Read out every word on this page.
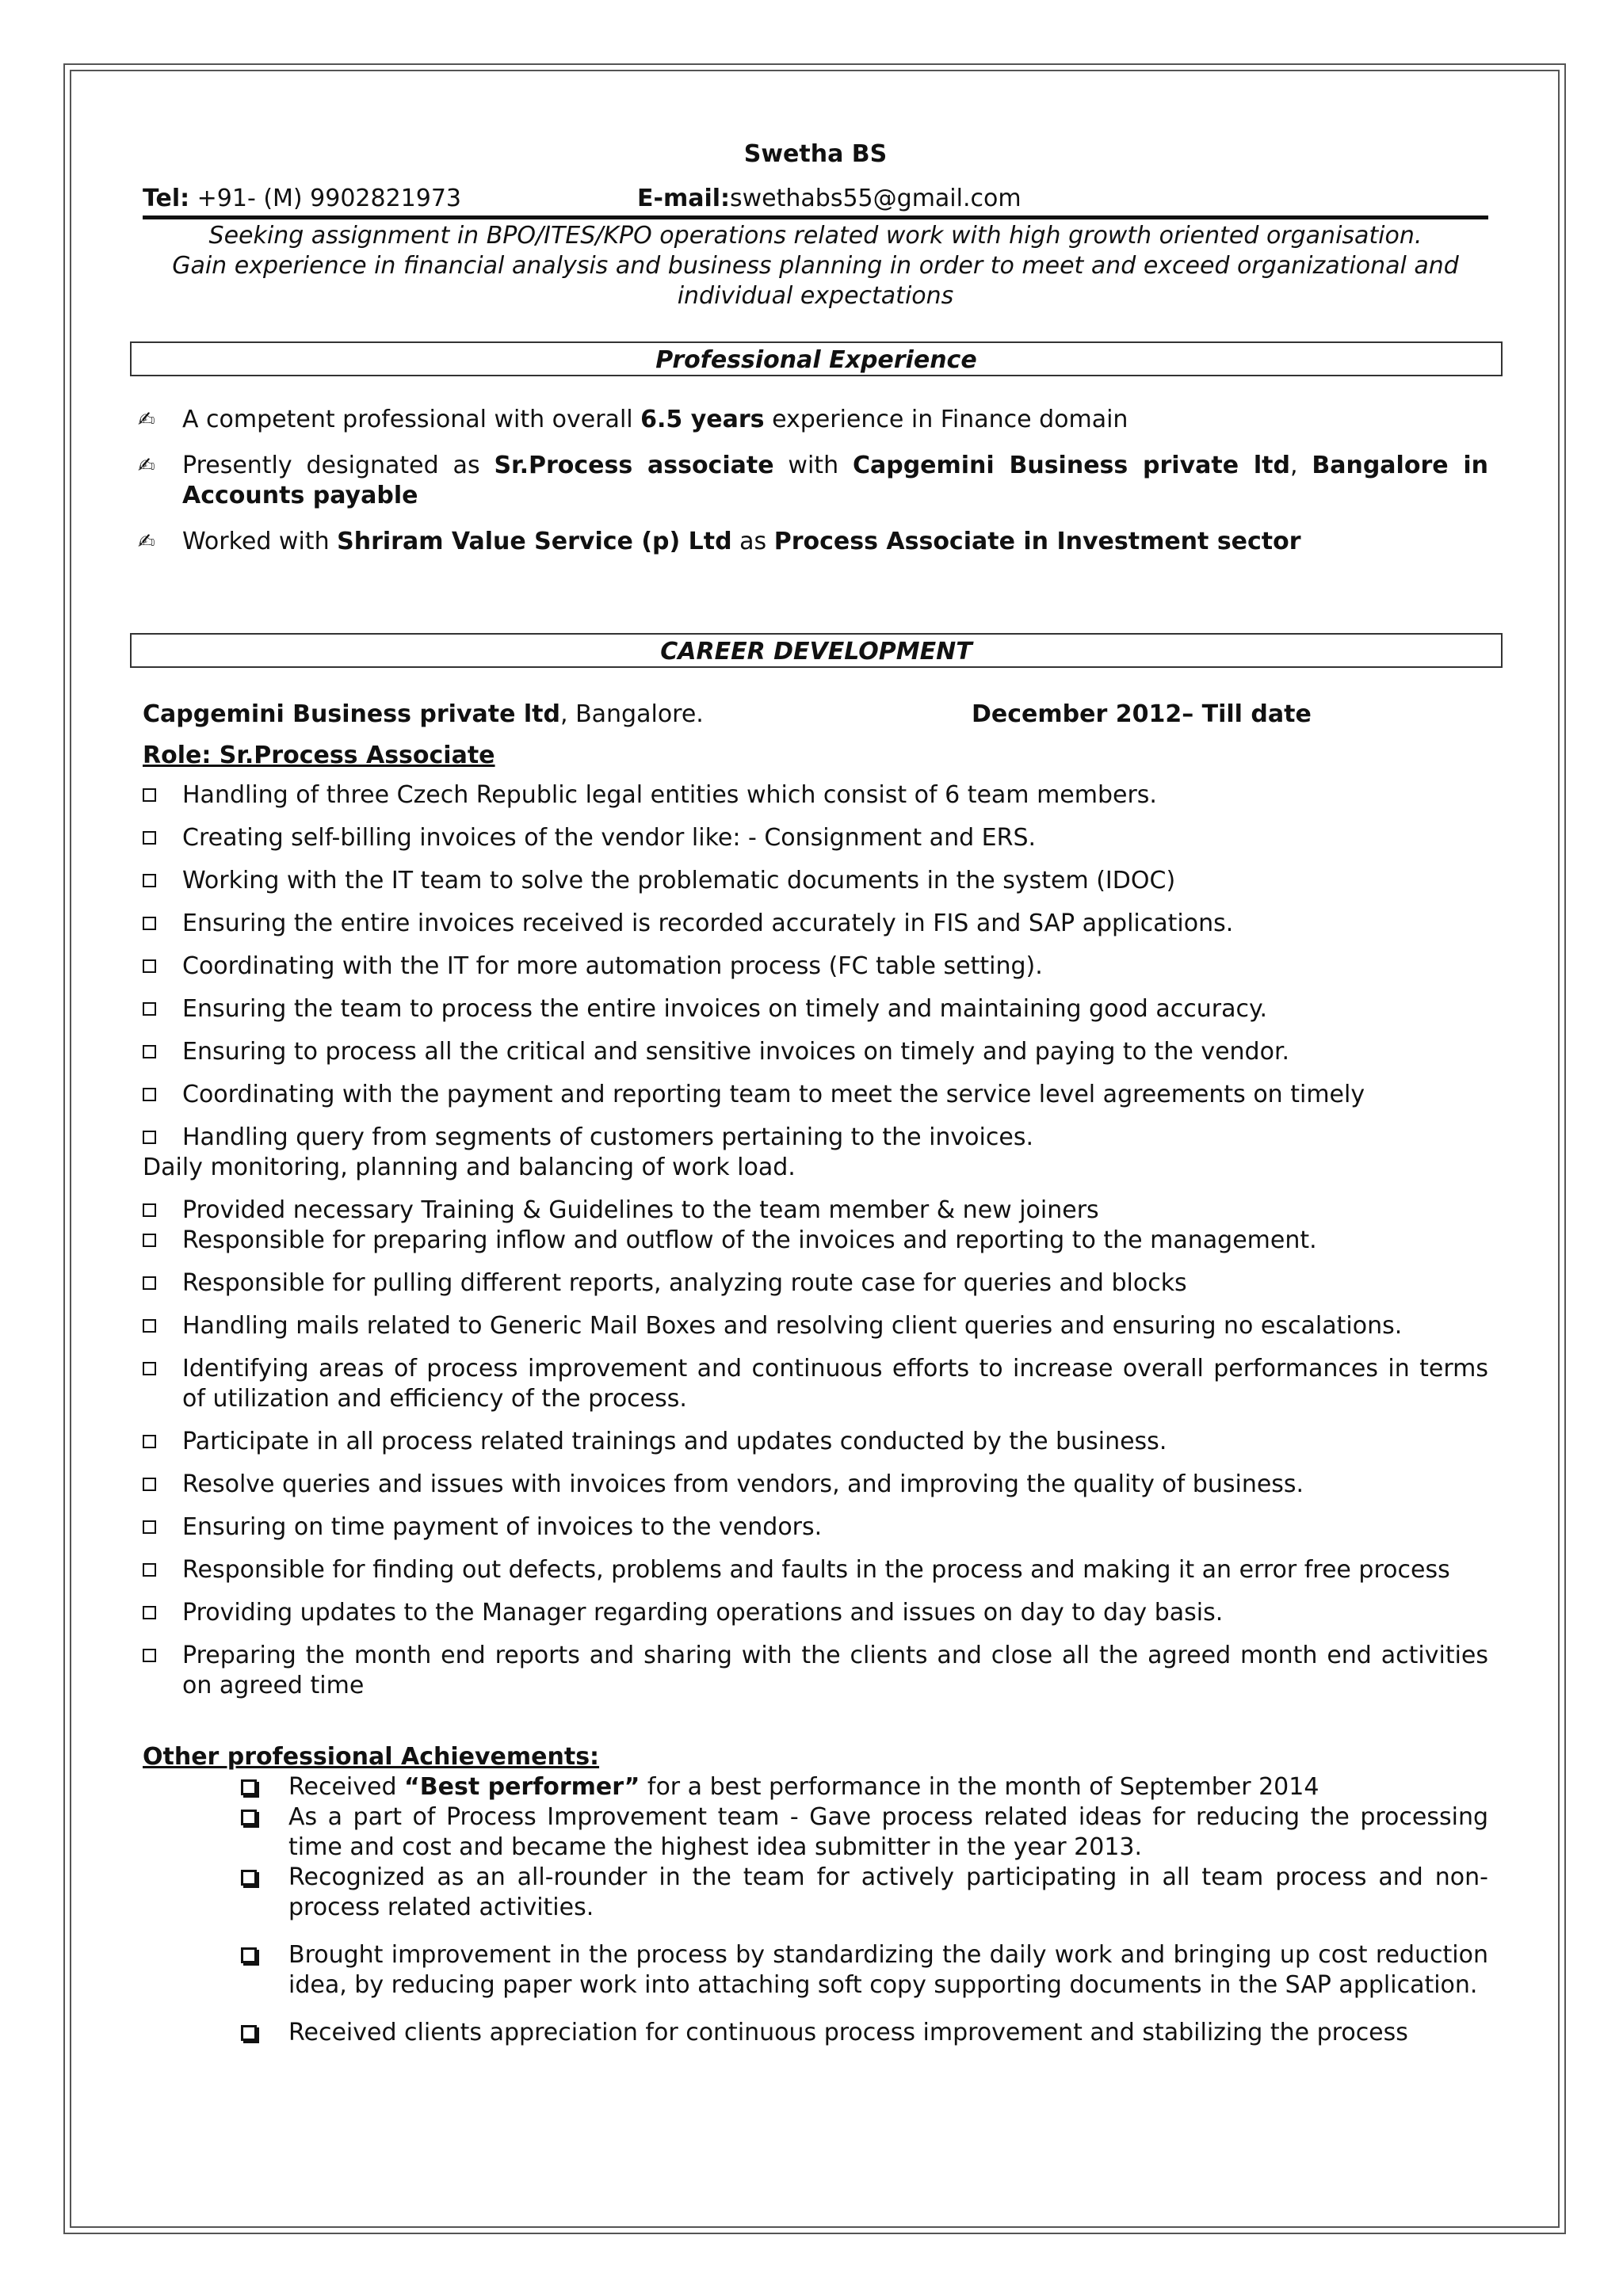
Swetha BS
Tel: +91- (M) 9902821973	E-mail:swethabs55@gmail.com
Seeking assignment in BPO/ITES/KPO operations related work with high growth oriented organisation.
Gain experience in financial analysis and business planning in order to meet and exceed organizational and
individual expectations
Professional Experience
✍ A competent professional with overall 6.5 years experience in Finance domain
✍ Presently designated as Sr.Process associate with Capgemini Business private ltd, Bangalore in Accounts payable
✍ Worked with Shriram Value Service (p) Ltd as Process Associate in Investment sector
CAREER DEVELOPMENT
Capgemini Business private ltd, Bangalore.	December 2012– Till date
Role: Sr.Process Associate
Handling of three Czech Republic legal entities which consist of 6 team members.
Creating self-billing invoices of the vendor like: - Consignment and ERS.
Working with the IT team to solve the problematic documents in the system (IDOC)
Ensuring the entire invoices received is recorded accurately in FIS and SAP applications.
Coordinating with the IT for more automation process (FC table setting).
Ensuring the team to process the entire invoices on timely and maintaining good accuracy.
Ensuring to process all the critical and sensitive invoices on timely and paying to the vendor.
Coordinating with the payment and reporting team to meet the service level agreements on timely
Handling query from segments of customers pertaining to the invoices.
Daily monitoring, planning and balancing of work load.
Provided necessary Training & Guidelines to the team member & new joiners
Responsible for preparing inflow and outflow of the invoices and reporting to the management.
Responsible for pulling different reports, analyzing route case for queries and blocks
Handling mails related to Generic Mail Boxes and resolving client queries and ensuring no escalations.
Identifying areas of process improvement and continuous efforts to increase overall performances in terms of utilization and efficiency of the process.
Participate in all process related trainings and updates conducted by the business.
Resolve queries and issues with invoices from vendors, and improving the quality of business.
Ensuring on time payment of invoices to the vendors.
Responsible for finding out defects, problems and faults in the process and making it an error free process
Providing updates to the Manager regarding operations and issues on day to day basis.
Preparing the month end reports and sharing with the clients and close all the agreed month end activities on agreed time
Other professional Achievements:
Received “Best performer” for a best performance in the month of September 2014
As a part of Process Improvement team - Gave process related ideas for reducing the processing time and cost and became the highest idea submitter in the year 2013.
Recognized as an all-rounder in the team for actively participating in all team process and non-process related activities.
Brought improvement in the process by standardizing the daily work and bringing up cost reduction idea, by reducing paper work into attaching soft copy supporting documents in the SAP application.
Received clients appreciation for continuous process improvement and stabilizing the process
